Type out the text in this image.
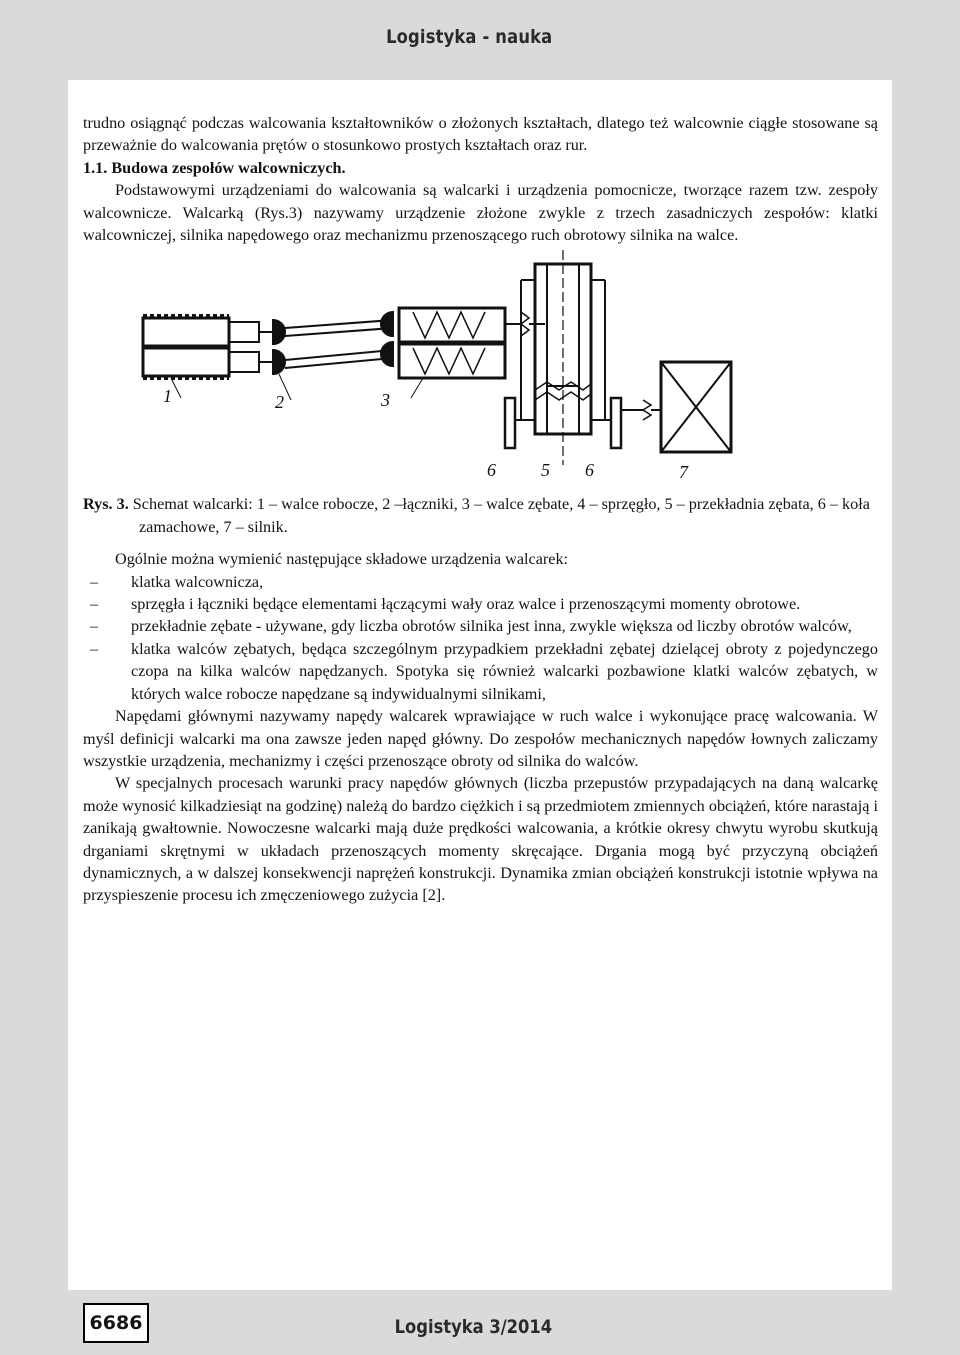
Logistyka - nauka

trudno osiągnąć podczas walcowania kształtowników o złożonych kształtach, dlatego też walcownie ciągłe stosowane są przeważnie do walcowania prętów o stosunkowo prostych kształtach oraz rur.

1.1. Budowa zespołów walcowniczych.

Podstawowymi urządzeniami do walcowania są walcarki i urządzenia pomocnicze, tworzące razem tzw. zespoły walcownicze. Walcarką (Rys.3) nazywamy urządzenie złożone zwykle z trzech zasadniczych zespołów: klatki walcowniczej, silnika napędowego oraz mechanizmu przenoszącego ruch obrotowy silnika na walce.

1	2	3
6	5 6	7

Rys. 3. Schemat walcarki: 1 – walce robocze, 2 –łączniki, 3 – walce zębate, 4 – sprzęgło, 5 – przekładnia zębata, 6 – koła zamachowe, 7 – silnik.

Ogólnie można wymienić następujące składowe urządzenia walcarek:

– klatka walcownicza,
– sprzęgła i łączniki będące elementami łączącymi wały oraz walce i przenoszącymi momenty obrotowe.
– przekładnie zębate - używane, gdy liczba obrotów silnika jest inna, zwykle większa od liczby obrotów walców,
– klatka walców zębatych, będąca szczególnym przypadkiem przekładni zębatej dzielącej obroty z pojedynczego czopa na kilka walców napędzanych. Spotyka się również walcarki pozbawione klatki walców zębatych, w których walce robocze napędzane są indywidualnymi silnikami,

Napędami głównymi nazywamy napędy walcarek wprawiające w ruch walce i wykonujące pracę walcowania. W myśl definicji walcarki ma ona zawsze jeden napęd główny. Do zespołów mechanicznych napędów łownych zaliczamy wszystkie urządzenia, mechanizmy i części przenoszące obroty od silnika do walców.

W specjalnych procesach warunki pracy napędów głównych (liczba przepustów przypadających na daną walcarkę może wynosić kilkadziesiąt na godzinę) należą do bardzo ciężkich i są przedmiotem zmiennych obciążeń, które narastają i zanikają gwałtownie. Nowoczesne walcarki mają duże prędkości walcowania, a krótkie okresy chwytu wyrobu skutkują drganiami skrętnymi w układach przenoszących momenty skręcające. Drgania mogą być przyczyną obciążeń dynamicznych, a w dalszej konsekwencji naprężeń konstrukcji. Dynamika zmian obciążeń konstrukcji istotnie wpływa na przyspieszenie procesu ich zmęczeniowego zużycia [2].

6686	Logistyka 3/2014
